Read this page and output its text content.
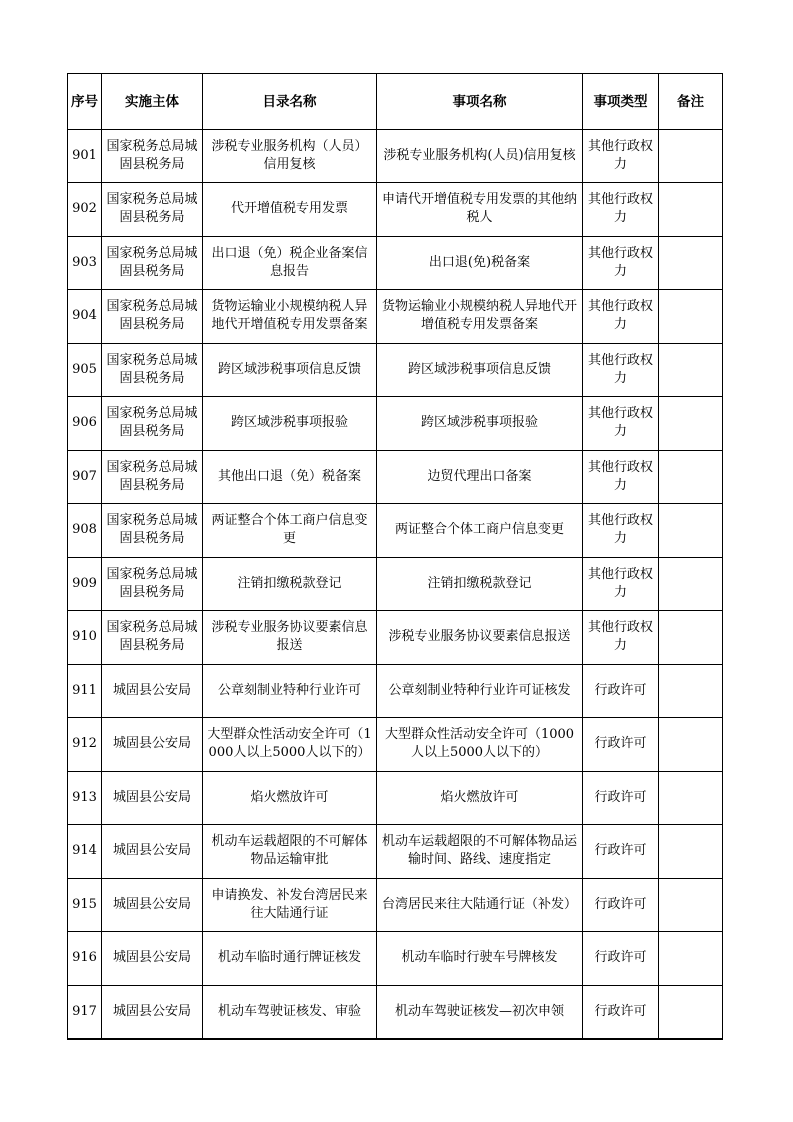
序号	实施主体	目录名称	事项名称	事项类型	备注
901	国家税务总局城固县税务局	涉税专业服务机构（人员）信用复核	涉税专业服务机构(人员)信用复核	其他行政权力	
902	国家税务总局城固县税务局	代开增值税专用发票	申请代开增值税专用发票的其他纳税人	其他行政权力	
903	国家税务总局城固县税务局	出口退（免）税企业备案信息报告	出口退(免)税备案	其他行政权力	
904	国家税务总局城固县税务局	货物运输业小规模纳税人异地代开增值税专用发票备案	货物运输业小规模纳税人异地代开增值税专用发票备案	其他行政权力	
905	国家税务总局城固县税务局	跨区域涉税事项信息反馈	跨区域涉税事项信息反馈	其他行政权力	
906	国家税务总局城固县税务局	跨区域涉税事项报验	跨区域涉税事项报验	其他行政权力	
907	国家税务总局城固县税务局	其他出口退（免）税备案	边贸代理出口备案	其他行政权力	
908	国家税务总局城固县税务局	两证整合个体工商户信息变更	两证整合个体工商户信息变更	其他行政权力	
909	国家税务总局城固县税务局	注销扣缴税款登记	注销扣缴税款登记	其他行政权力	
910	国家税务总局城固县税务局	涉税专业服务协议要素信息报送	涉税专业服务协议要素信息报送	其他行政权力	
911	城固县公安局	公章刻制业特种行业许可	公章刻制业特种行业许可证核发	行政许可	
912	城固县公安局	大型群众性活动安全许可（1000人以上5000人以下的）	大型群众性活动安全许可（1000人以上5000人以下的）	行政许可	
913	城固县公安局	焰火燃放许可	焰火燃放许可	行政许可	
914	城固县公安局	机动车运载超限的不可解体物品运输审批	机动车运载超限的不可解体物品运输时间、路线、速度指定	行政许可	
915	城固县公安局	申请换发、补发台湾居民来往大陆通行证	台湾居民来往大陆通行证（补发）	行政许可	
916	城固县公安局	机动车临时通行牌证核发	机动车临时行驶车号牌核发	行政许可	
917	城固县公安局	机动车驾驶证核发、审验	机动车驾驶证核发—初次申领	行政许可	
